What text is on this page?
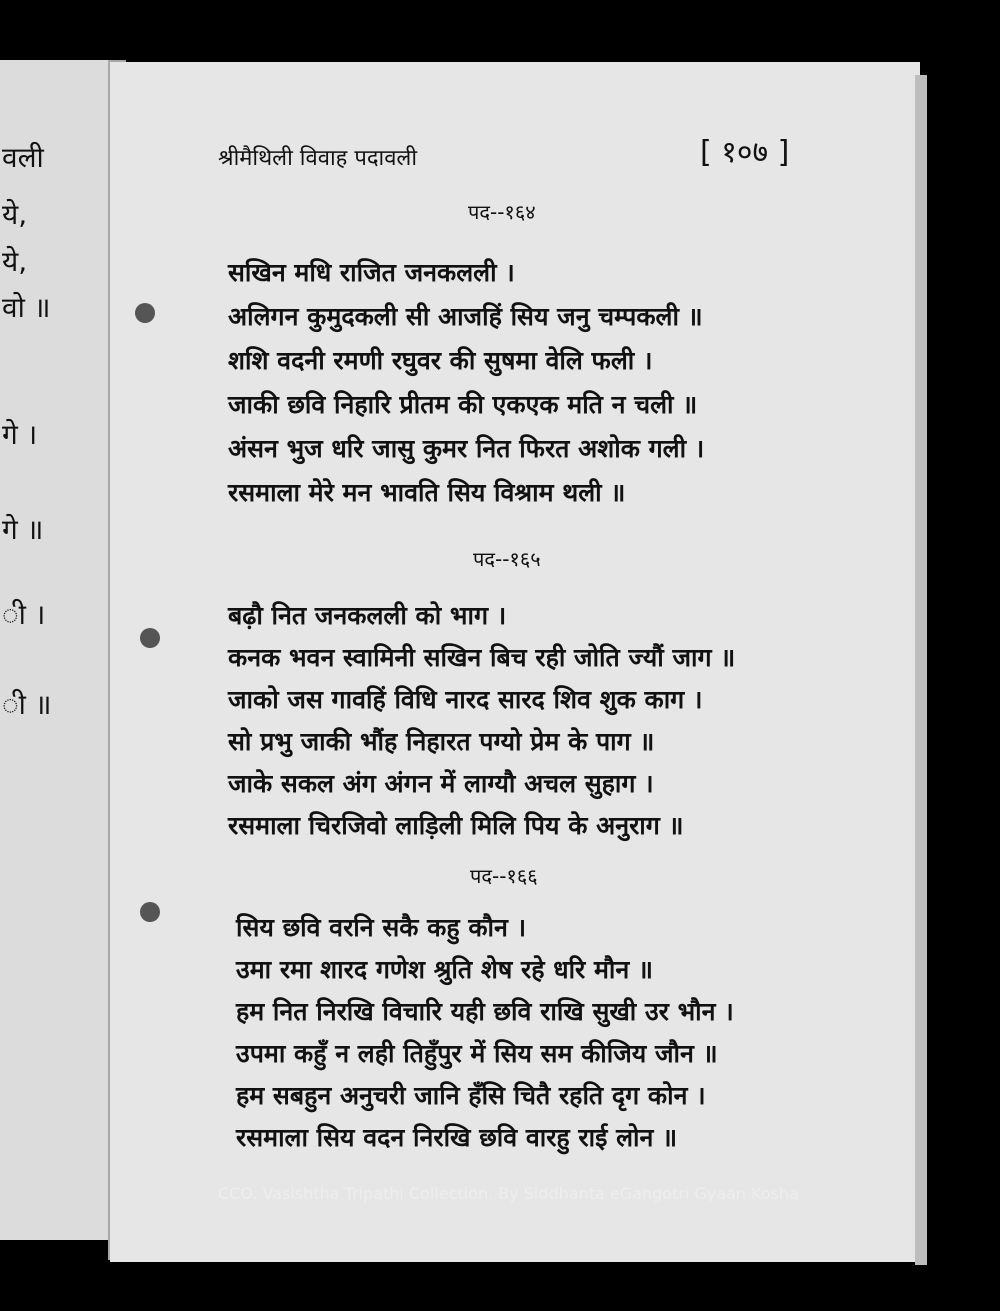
वली
ये,
ये,
वो ॥
गे ।
गे ॥
ी ।
ी ॥
श्रीमैथिली विवाह पदावली	[ १०७ ]
पद--१६४
सखिन मधि राजित जनकलली ।
अलिगन कुमुदकली सी आजहिं सिय जनु चम्पकली ॥
शशि वदनी रमणी रघुवर की सुषमा वेलि फली ।
जाकी छवि निहारि प्रीतम की एकएक मति न चली ॥
अंसन भुज धरि जासु कुमर नित फिरत अशोक गली ।
रसमाला मेरे मन भावति सिय विश्राम थली ॥
पद--१६५
बढ़ौ नित जनकलली को भाग ।
कनक भवन स्वामिनी सखिन बिच रही जोति ज्यौं जाग ॥
जाको जस गावहिं विधि नारद सारद शिव शुक काग ।
सो प्रभु जाकी भौंह निहारत पग्यो प्रेम के पाग ॥
जाके सकल अंग अंगन में लाग्यौ अचल सुहाग ।
रसमाला चिरजिवो लाड़िली मिलि पिय के अनुराग ॥
पद--१६६
सिय छवि वरनि सकै कहु कौन ।
उमा रमा शारद गणेश श्रुति शेष रहे धरि मौन ॥
हम नित निरखि विचारि यही छवि राखि सुखी उर भौन ।
उपमा कहुँ न लही तिहुँपुर में सिय सम कीजिय जौन ॥
हम सबहुन अनुचरी जानि हँसि चितै रहति दृग कोन ।
रसमाला सिय वदन निरखि छवि वारहु राई लोन ॥
CCO. Vasishtha Tripathi Collection. By Siddhanta eGangotri Gyaan Kosha
